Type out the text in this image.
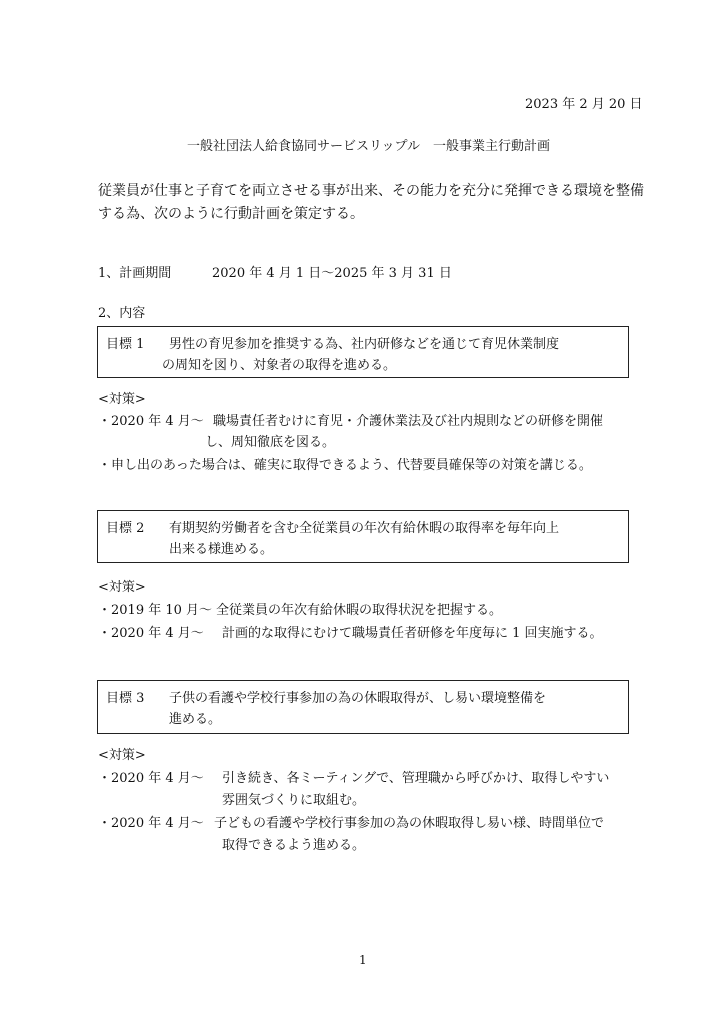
2023 年 2 月 20 日
一般社団法人給食協同サービスリップル　一般事業主行動計画
従業員が仕事と子育てを両立させる事が出来、その能力を充分に発揮できる環境を整備
する為、次のように行動計画を策定する。
1、計画期間	2020 年 4 月 1 日〜2025 年 3 月 31 日
2、内容
目標 1 男性の育児参加を推奨する為、社内研修などを通じて育児休業制度
の周知を図り、対象者の取得を進める。
<対策>
・2020 年 4 月〜 職場責任者むけに育児・介護休業法及び社内規則などの研修を開催
し、周知徹底を図る。
・申し出のあった場合は、確実に取得できるよう、代替要員確保等の対策を講じる。
目標 2 有期契約労働者を含む全従業員の年次有給休暇の取得率を毎年向上
出来る様進める。
<対策>
・2019 年 10 月〜 全従業員の年次有給休暇の取得状況を把握する。
・2020 年 4 月〜 計画的な取得にむけて職場責任者研修を年度毎に 1 回実施する。
目標 3 子供の看護や学校行事参加の為の休暇取得が、し易い環境整備を
進める。
<対策>
・2020 年 4 月〜 引き続き、各ミーティングで、管理職から呼びかけ、取得しやすい
雰囲気づくりに取組む。
・2020 年 4 月〜 子どもの看護や学校行事参加の為の休暇取得し易い様、時間単位で
取得できるよう進める。
1
